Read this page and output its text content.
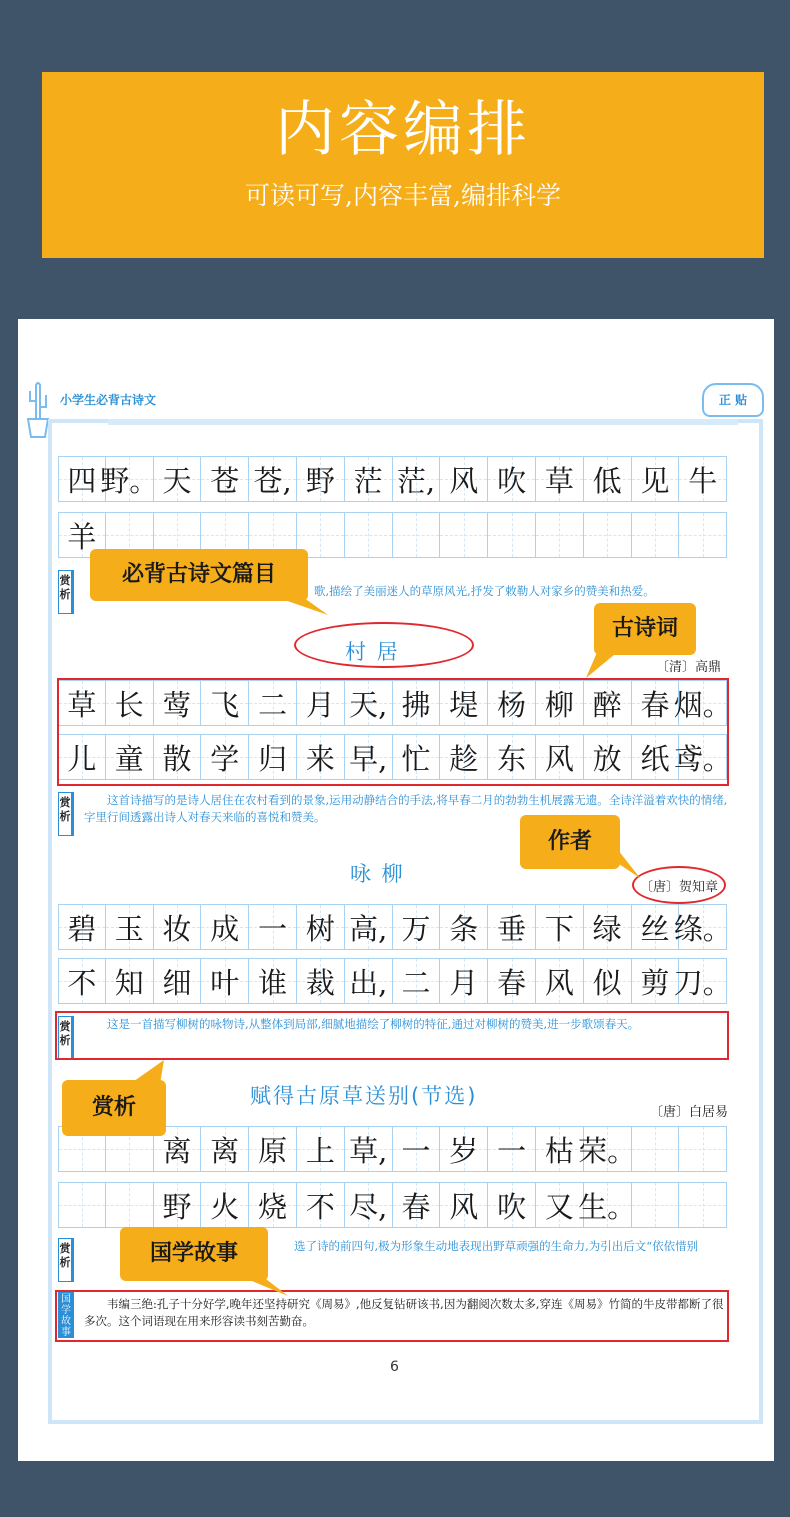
内容编排
可读可写,内容丰富,编排科学
小学生必背古诗文	正 贴
四 野。 天 苍 苍, 野 茫 茫, 风 吹 草 低 见 牛
羊
赏析	歌,描绘了美丽迷人的草原风光,抒发了敕勒人对家乡的赞美和热爱。
村 居
〔清〕高鼎
草 长 莺 飞 二 月 天, 拂 堤 杨 柳 醉 春 烟。
儿 童 散 学 归 来 早, 忙 趁 东 风 放 纸 鸢。
赏析
这首诗描写的是诗人居住在农村看到的景象,运用动静结合的手法,将早春二月的勃勃生机展露无遗。全诗洋溢着欢快的情绪,字里行间透露出诗人对春天来临的喜悦和赞美。
咏 柳
〔唐〕贺知章
碧 玉 妆 成 一 树 高, 万 条 垂 下 绿 丝 绦。
不 知 细 叶 谁 裁 出, 二 月 春 风 似 剪 刀。
赏析
这是一首描写柳树的咏物诗,从整体到局部,细腻地描绘了柳树的特征,通过对柳树的赞美,进一步歌颂春天。
赋得古原草送别(节选)
〔唐〕白居易
离 离 原 上 草, 一 岁 一 枯 荣。
野 火 烧 不 尽, 春 风 吹 又 生。
赏析
选了诗的前四句,极为形象生动地表现出野草顽强的生命力,为引出后文“依依惜别
国学故事
韦编三绝:孔子十分好学,晚年还坚持研究《周易》,他反复钻研该书,因为翻阅次数太多,穿连《周易》竹简的牛皮带都断了很多次。这个词语现在用来形容读书刻苦勤奋。
6
必背古诗文篇目
古诗词
作者
赏析
国学故事
